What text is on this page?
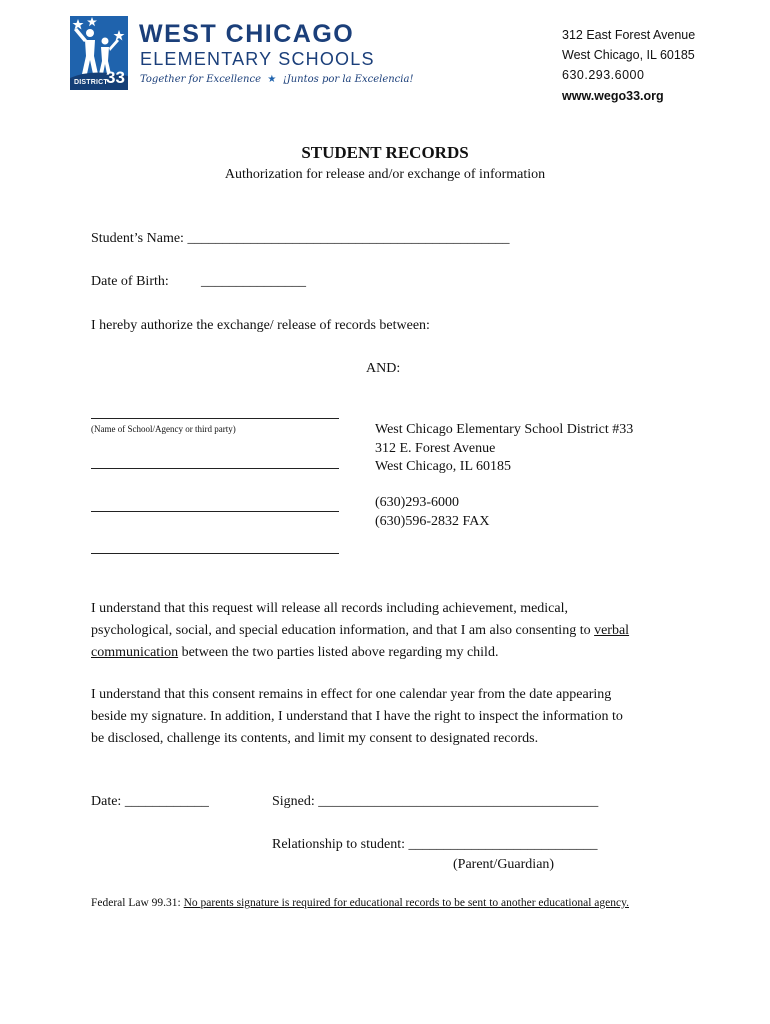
DISTRICT
33
WEST CHICAGO
ELEMENTARY SCHOOLS
Together for Excellence  ★  ¡Juntos por la Excelencia!
312 East Forest Avenue
West Chicago, IL 60185
630.293.6000
www.wego33.org
STUDENT RECORDS
Authorization for release and/or exchange of information
Student’s Name: ______________________________________________
Date of Birth: _______________
I hereby authorize the exchange/ release of records between:
AND:
(Name of School/Agency or third party)	West Chicago Elementary School District #33
312 E. Forest Avenue
West Chicago, IL 60185
(630)293-6000
(630)596-2832 FAX
I understand that this request will release all records including achievement, medical,
psychological, social, and special education information, and that I am also consenting to verbal
communication between the two parties listed above regarding my child.
I understand that this consent remains in effect for one calendar year from the date appearing
beside my signature. In addition, I understand that I have the right to inspect the information to
be disclosed, challenge its contents, and limit my consent to designated records.
Date: ____________	Signed: ________________________________________
Relationship to student: ___________________________
(Parent/Guardian)
Federal Law 99.31: No parents signature is required for educational records to be sent to another educational agency.
